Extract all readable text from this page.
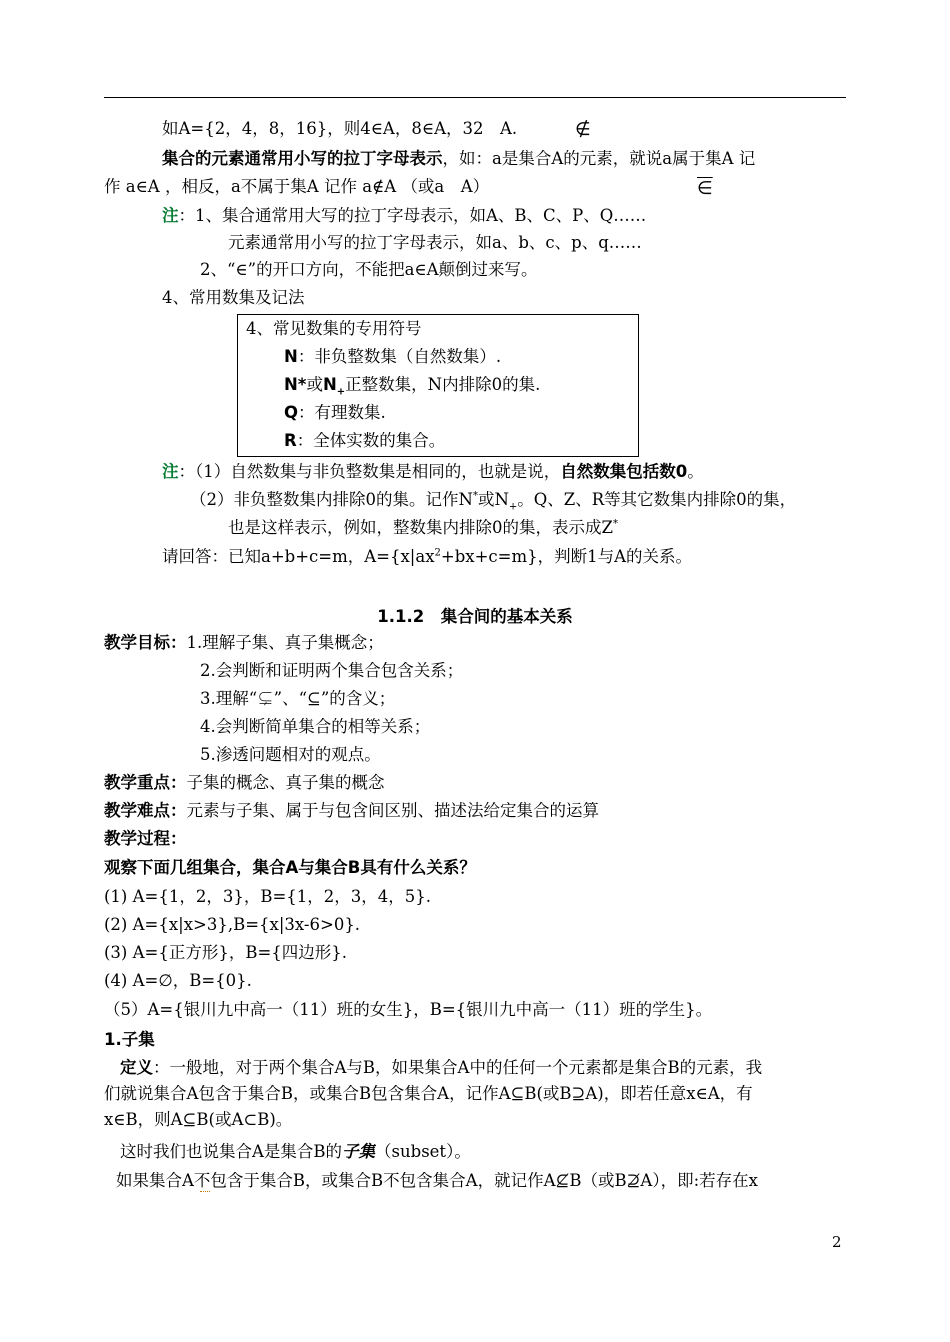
如A={2，4，8，16}，则4∈A，8∈A，32　A.	∉
集合的元素通常用小写的拉丁字母表示，如：a是集合A的元素，就说a属于集A 记
作 a∈A ，相反，a不属于集A 记作 a∉A （或a　A）	∈
注：1、集合通常用大写的拉丁字母表示，如A、B、C、P、Q……
元素通常用小写的拉丁字母表示，如a、b、c、p、q……
2、“∈”的开口方向，不能把a∈A颠倒过来写。
4、常用数集及记法
4、常见数集的专用符号
N：非负整数集（自然数集）.
N*或$N_+$正整数集，N内排除0的集.
Q：有理数集.
R：全体实数的集合。
注：（1）自然数集与非负整数集是相同的，也就是说，自然数集包括数0。
（2）非负整数集内排除0的集。记作N*或$N_+$。Q、Z、R等其它数集内排除0的集，
也是这样表示，例如，整数集内排除0的集，表示成Z*
请回答：已知a+b+c=m，$A=\{x|ax^2+bx+c=m\}$，判断1与A的关系。
1.1.2　集合间的基本关系
教学目标：1.理解子集、真子集概念；
2.会判断和证明两个集合包含关系；
3.理解“⊊”、“⊆”的含义；
4.会判断简单集合的相等关系；
5.渗透问题相对的观点。
教学重点：子集的概念、真子集的概念
教学难点：元素与子集、属于与包含间区别、描述法给定集合的运算
教学过程：
观察下面几组集合，集合A与集合B具有什么关系？
(1) A={1，2，3}，B={1，2，3，4，5}.
(2) A={x|x>3},B={x|3x-6>0}.
(3) A={正方形}，B={四边形}.
(4) A=∅，B={0}.
（5）A={银川九中高一（11）班的女生}，B={银川九中高一（11）班的学生}。
1.子集
定义：一般地，对于两个集合A与B，如果集合A中的任何一个元素都是集合B的元素，我
们就说集合A包含于集合B，或集合B包含集合A，记作A⊆B(或B⊇A)，即若任意x∈A，有
x∈B，则A⊆B(或A⊂B)。
这时我们也说集合A是集合B的子集（subset）。
如果集合A不包含于集合B，或集合B不包含集合A，就记作A⊈B（或B⊉A），即:若存在x
2
